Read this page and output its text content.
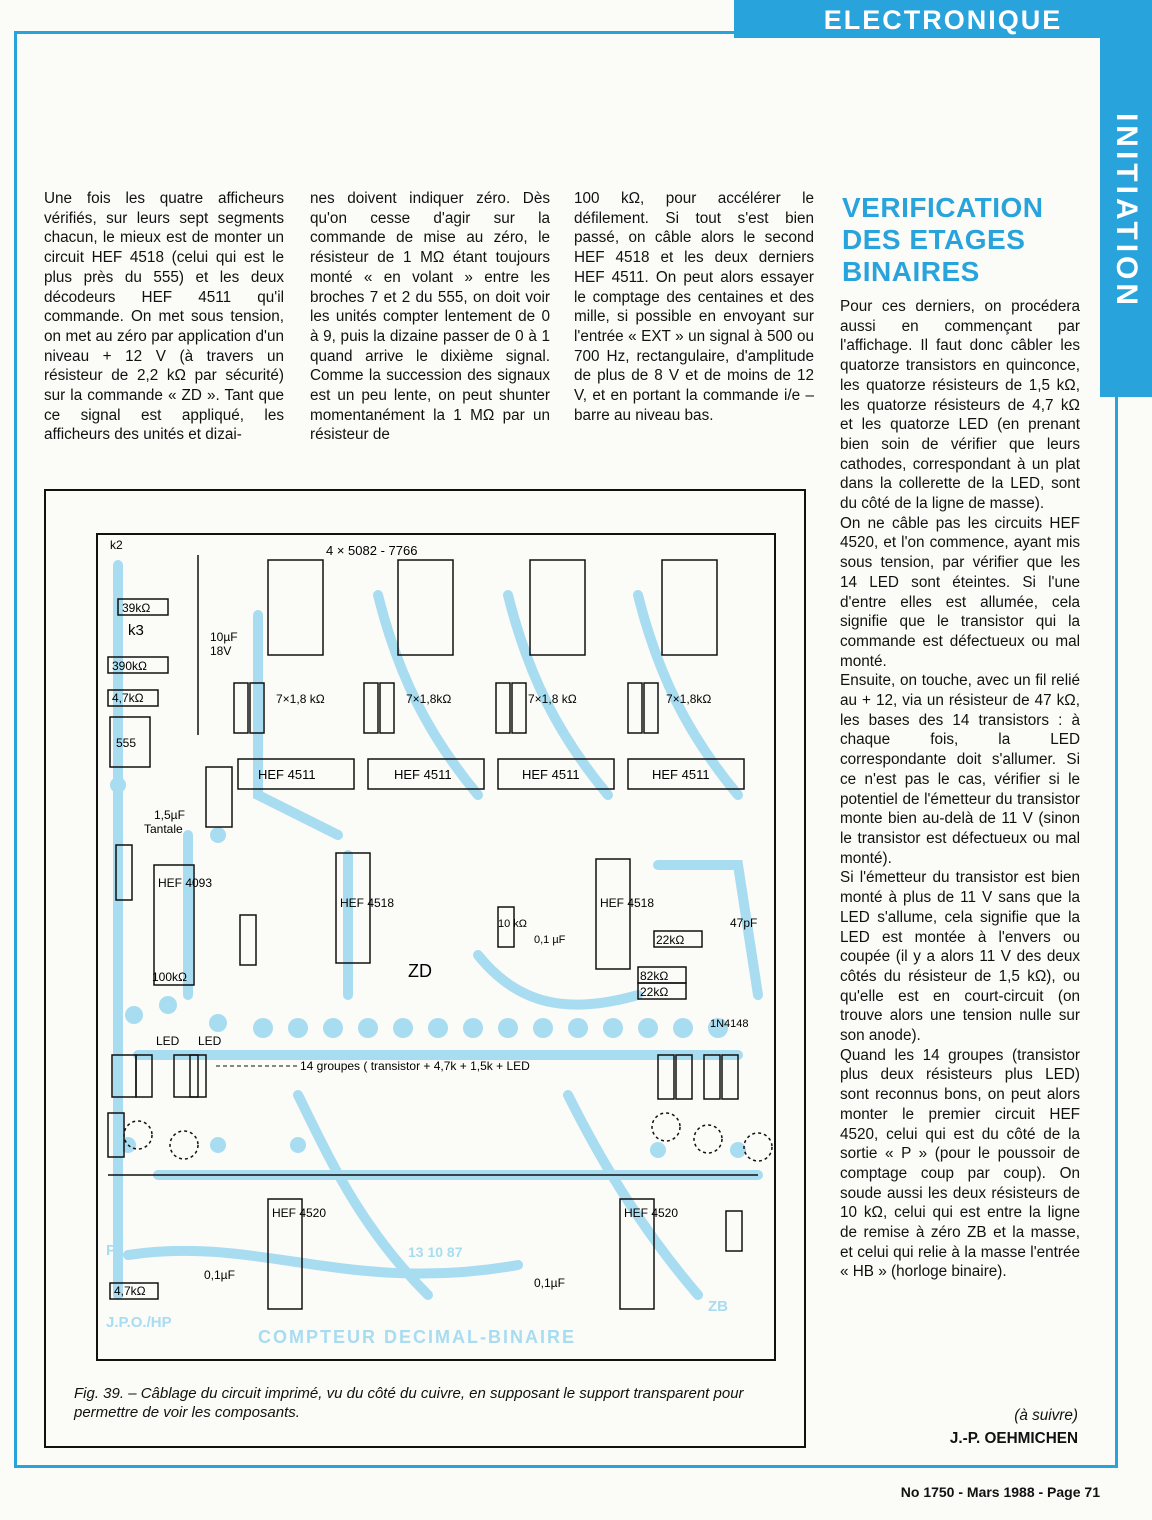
ELECTRONIQUE
INITIATION

Une fois les quatre afficheurs vérifiés, sur leurs sept segments chacun, le mieux est de monter un circuit HEF 4518 (celui qui est le plus près du 555) et les deux décodeurs HEF 4511 qu'il commande. On met sous tension, on met au zéro par application d'un niveau + 12 V (à travers un résisteur de 2,2 kΩ par sécurité) sur la commande « ZD ». Tant que ce signal est appliqué, les afficheurs des unités et dizai-

nes doivent indiquer zéro. Dès qu'on cesse d'agir sur la commande de mise au zéro, le résisteur de 1 MΩ étant toujours monté « en volant » entre les broches 7 et 2 du 555, on doit voir les unités compter lentement de 0 à 9, puis la dizaine passer de 0 à 1 quand arrive le dixième signal. Comme la succession des signaux est un peu lente, on peut shunter momentanément la 1 MΩ par un résisteur de

100 kΩ, pour accélérer le défilement. Si tout s'est bien passé, on câble alors le second HEF 4518 et les deux derniers HEF 4511. On peut alors essayer le comptage des centaines et des mille, si possible en envoyant sur l'entrée « EXT » un signal à 500 ou 700 Hz, rectangulaire, d'amplitude de plus de 8 V et de moins de 12 V, et en portant la commande i/e – barre au niveau bas.

VERIFICATION DES ETAGES BINAIRES

Pour ces derniers, on procédera aussi en commençant par l'affichage. Il faut donc câbler les quatorze transistors en quinconce, les quatorze résisteurs de 1,5 kΩ, les quatorze résisteurs de 4,7 kΩ et les quatorze LED (en prenant bien soin de vérifier que leurs cathodes, correspondant à un plat dans la collerette de la LED, sont du côté de la ligne de masse).

On ne câble pas les circuits HEF 4520, et l'on commence, ayant mis sous tension, par vérifier que les 14 LED sont éteintes. Si l'une d'entre elles est allumée, cela signifie que le transistor qui la commande est défectueux ou mal monté.

Ensuite, on touche, avec un fil relié au + 12, via un résisteur de 47 kΩ, les bases des 14 transistors : à chaque fois, la LED correspondante doit s'allumer. Si ce n'est pas le cas, vérifier si le potentiel de l'émetteur du transistor monte bien au-delà de 11 V (sinon le transistor est défectueux ou mal monté).

Si l'émetteur du transistor est bien monté à plus de 11 V sans que la LED s'allume, cela signifie que la LED est montée à l'envers ou coupée (il y a alors 11 V des deux côtés du résisteur de 1,5 kΩ), ou qu'elle est en court-circuit (on trouve alors une tension nulle sur son anode).

Quand les 14 groupes (transistor plus deux résisteurs plus LED) sont reconnus bons, on peut alors monter le premier circuit HEF 4520, celui qui est du côté de la sortie « P » (pour le poussoir de comptage coup par coup). On soude aussi les deux résisteurs de 10 kΩ, celui qui est entre la ligne de remise à zéro ZB et la masse, et celui qui relie à la masse l'entrée « HB » (horloge binaire).

(à suivre)
J.-P. OEHMICHEN
4 × 5082 - 7766
k2
39kΩ
k3
390kΩ
4,7kΩ
555
10µF
18V
1,5µF
Tantale
7×1,8 kΩ	7×1,8kΩ	7×1,8 kΩ	7×1,8kΩ
HEF 4511	HEF 4511	HEF 4511	HEF 4511
HEF 4093
HEF 4518	HEF 4518
100kΩ
10 kΩ
0,1 µF
ZD
22kΩ
47pF
82kΩ
22kΩ
1N4148
LED LED
14 groupes ( transistor + 4,7k + 1,5k + LED
HEF 4520	HEF 4520
0,1µF
0,1µF
4,7kΩ
13 10 87
J.P.O./HP
ZB
P
COMPTEUR DECIMAL-BINAIRE
Fig. 39. – Câblage du circuit imprimé, vu du côté du cuivre, en supposant le support transparent pour permettre de voir les composants.
No 1750 - Mars 1988 - Page 71
